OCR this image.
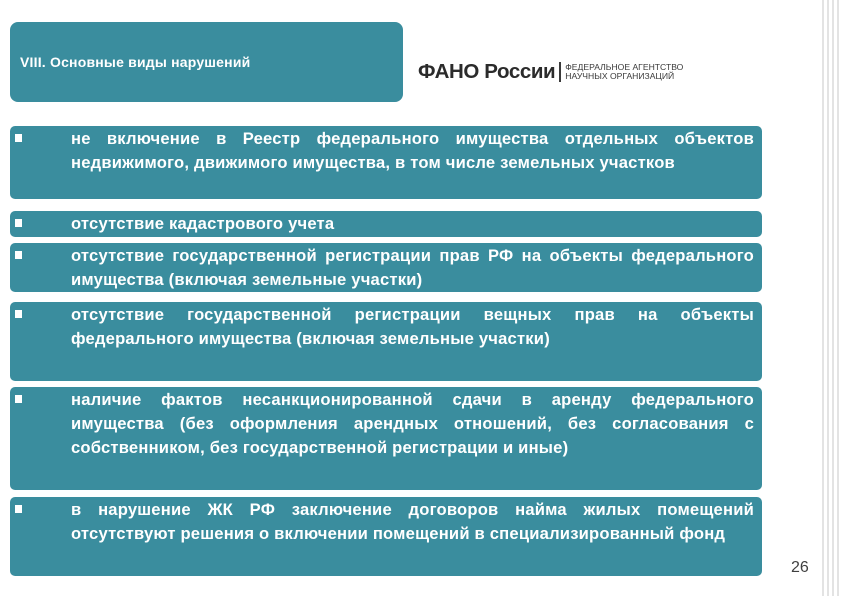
VIII. Основные виды нарушений	ФАНО России ФЕДЕРАЛЬНОЕ АГЕНТСТВО
НАУЧНЫХ ОРГАНИЗАЦИЙ
не включение в Реестр федерального имущества отдельных объектов недвижимого, движимого имущества, в том числе земельных участков
отсутствие кадастрового учета
отсутствие государственной регистрации прав РФ на объекты федерального имущества (включая земельные участки)
отсутствие государственной регистрации вещных прав на объекты федерального имущества (включая земельные участки)
наличие фактов несанкционированной сдачи в аренду федерального имущества (без оформления арендных отношений, без согласования с собственником, без государственной регистрации и иные)
в нарушение ЖК РФ заключение договоров найма жилых помещений отсутствуют решения о включении помещений в специализированный фонд
26
